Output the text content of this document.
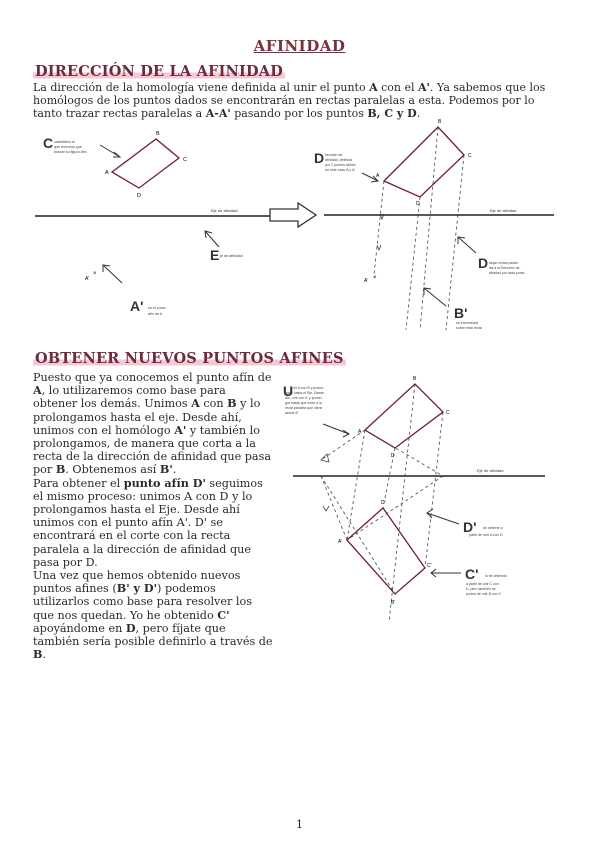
AFINIDAD
DIRECCIÓN DE LA AFINIDAD
La dirección de la homología viene definida al unir el punto A con el A'. Ya sabemos que los homólogos de los puntos dados se encontrarán en rectas paralelas a esta. Podemos por lo tanto trazar rectas paralelas a A-A' pasando por los puntos B, C y D.
B
C
A
D
C uadrilátero el que tenemos que buscar su figura afín
Eje de afinidad
E je de afinidad
A'
×
A' es el punto afín de A
B
C
A
D
×
A'
Eje de afinidad
D irección de afinidad, definida por 2 puntos afines en este caso A y A'
D ibujar rectas parale- las a la Dirección de afinidad por cada punto
B'
se encontrará sobre esta recta
OBTENER NUEVOS PUNTOS AFINES
Puesto que ya conocemos el punto afín de A, lo utilizaremos como base para obtener los demás. Unimos A con B y lo prolongamos hasta el eje. Desde ahí, unimos con el homólogo A' y también lo prolongamos, de manera que corta a la recta de la dirección de afinidad que pasa por B. Obtenemos así B'.
Para obtener el punto afín D' seguimos el mismo proceso: unimos A con D y lo prolongamos hasta el Eje. Desde ahí unimos con el punto afín A'. D' se encontrará en el corte con la recta paralela a la dirección de afinidad que pasa por D.
Una vez que hemos obtenido nuevos puntos afines (B' y D') podemos utilizarlos como base para resolver los que nos quedan. Yo he obtenido C' apoyándome en D, pero fíjate que también sería posible definirlo a través de B.
B
C
A
D
A'
D'
C'
B'
Eje de afinidad
U nir A con B y prolon- garlo hasta el Eje. Desde ahí, unir con A' y prolon- gar hasta que corte a la recta paralela que viene desde B
D'	se obtiene a partir de unir A con D
C'	lo he obtenido a partir de unir C con D, pero también se podría de unir B con C
1
